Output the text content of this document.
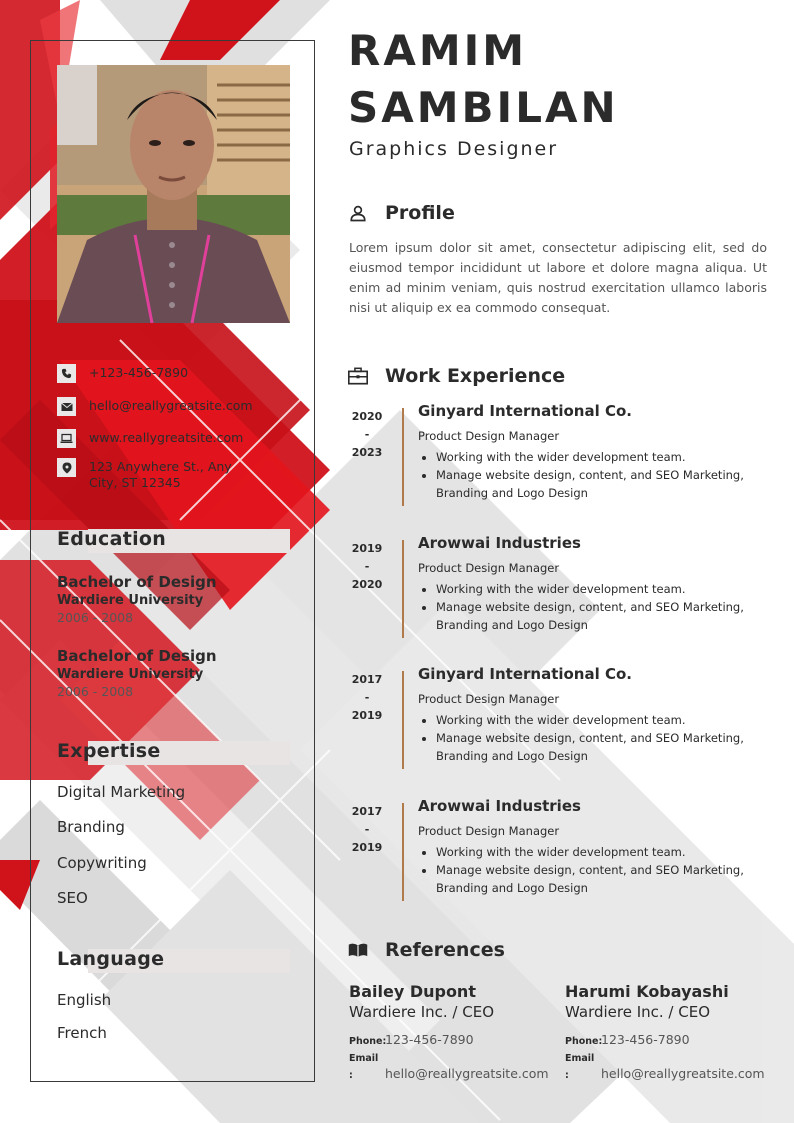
+123-456-7890
hello@reallygreatsite.com
www.reallygreatsite.com
123 Anywhere St., Any City, ST 12345
Education
Bachelor of Design
Wardiere University
2006 - 2008
Bachelor of Design
Wardiere University
2006 - 2008
Expertise
Digital Marketing
Branding
Copywriting
SEO
Language
English
French
RAMIM
SAMBILAN
Graphics Designer
Profile
Lorem ipsum dolor sit amet, consectetur adipiscing elit, sed do eiusmod tempor incididunt ut labore et dolore magna aliqua. Ut enim ad minim veniam, quis nostrud exercitation ullamco laboris nisi ut aliquip ex ea commodo consequat.
Work Experience
2020
-
2023
Ginyard International Co.
Product Design Manager
• Working with the wider development team.
• Manage website design, content, and SEO Marketing, Branding and Logo Design
2019
-
2020
Arowwai Industries
Product Design Manager
• Working with the wider development team.
• Manage website design, content, and SEO Marketing, Branding and Logo Design
2017
-
2019
Ginyard International Co.
Product Design Manager
• Working with the wider development team.
• Manage website design, content, and SEO Marketing, Branding and Logo Design
2017
-
2019
Arowwai Industries
Product Design Manager
• Working with the wider development team.
• Manage website design, content, and SEO Marketing, Branding and Logo Design
References
Bailey Dupont
Wardiere Inc. / CEO
Phone:123-456-7890
Email :	hello@reallygreatsite.com
Harumi Kobayashi
Wardiere Inc. / CEO
Phone:123-456-7890
Email :	hello@reallygreatsite.com
